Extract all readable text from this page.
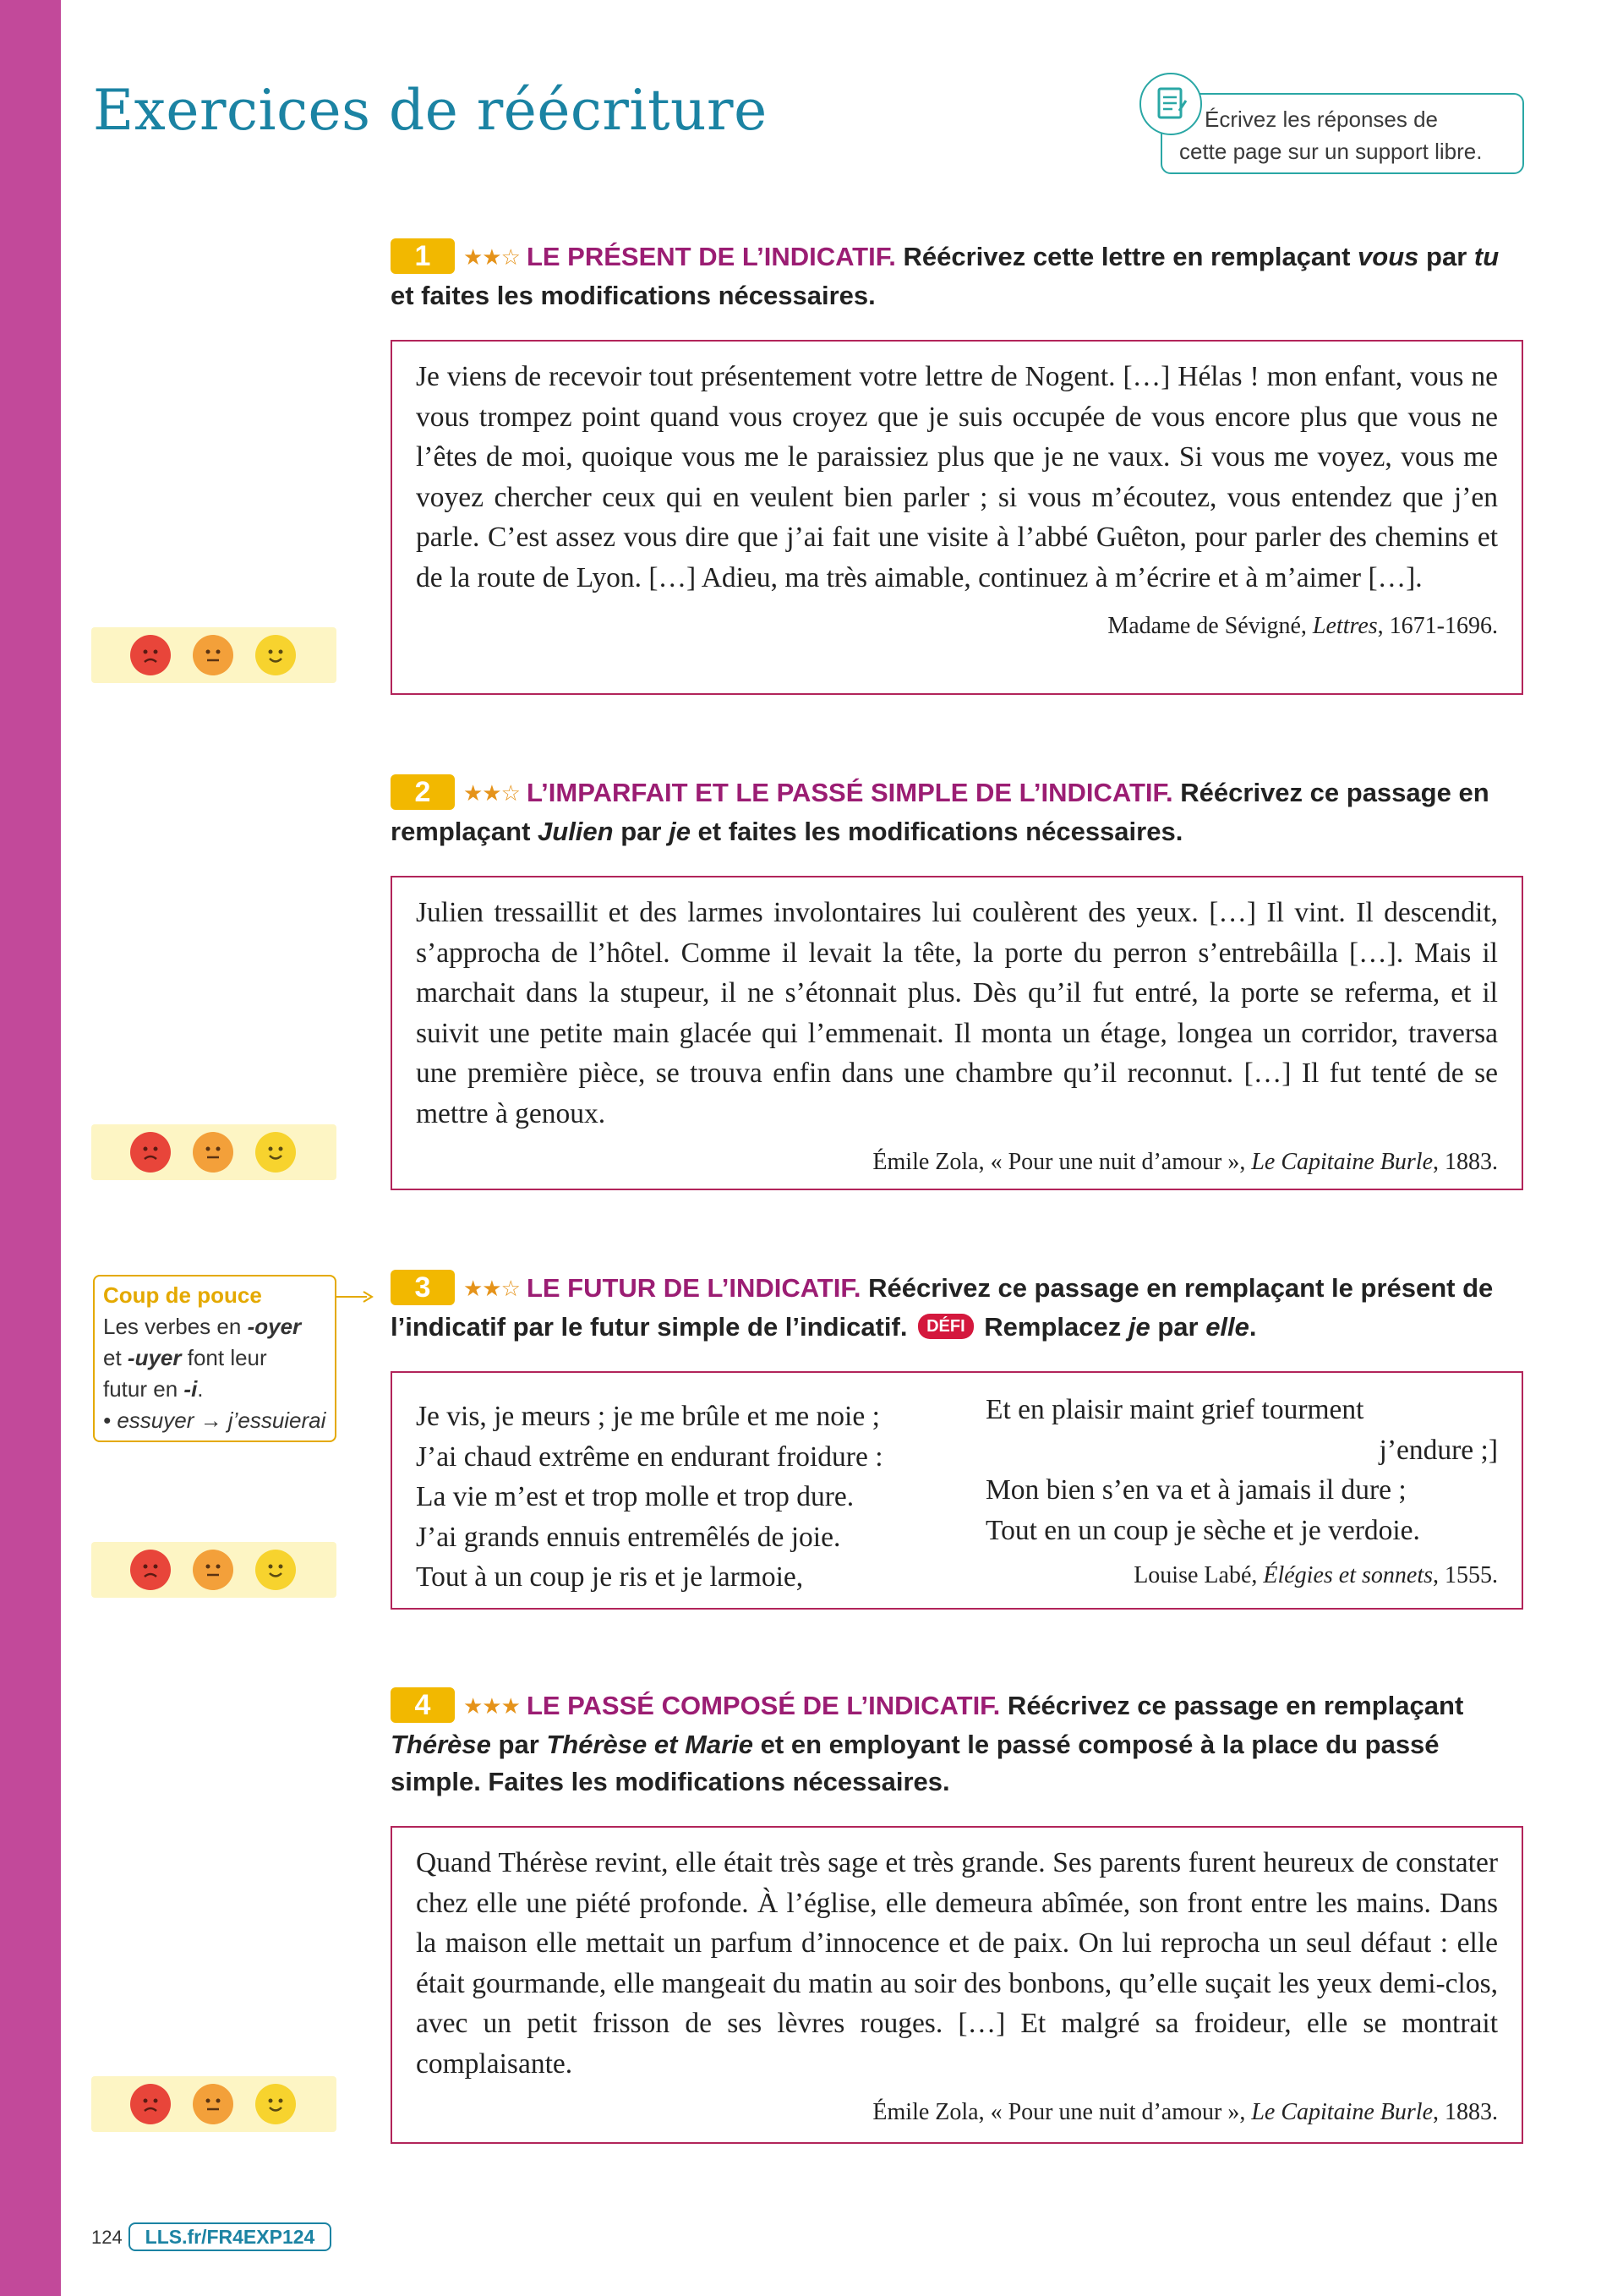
Exercices de réécriture	Écrivez les réponses de
cette page sur un support libre.
1 ★★☆ LE PRÉSENT DE L’INDICATIF. Réécrivez cette lettre en remplaçant vous par tu et faites les modifications nécessaires.

Je viens de recevoir tout présentement votre lettre de Nogent. […] Hélas ! mon enfant, vous ne vous trompez point quand vous croyez que je suis occupée de vous encore plus que vous ne l’êtes de moi, quoique vous me le paraissiez plus que je ne vaux. Si vous me voyez, vous me voyez chercher ceux qui en veulent bien parler ; si vous m’écoutez, vous entendez que j’en parle. C’est assez vous dire que j’ai fait une visite à l’abbé Guêton, pour parler des chemins et de la route de Lyon. […] Adieu, ma très aimable, continuez à m’écrire et à m’aimer […].

Madame de Sévigné, Lettres, 1671-1696.

2 ★★☆ L’IMPARFAIT ET LE PASSÉ SIMPLE DE L’INDICATIF. Réécrivez ce passage en remplaçant Julien par je et faites les modifications nécessaires.

Julien tressaillit et des larmes involontaires lui coulèrent des yeux. […] Il vint. Il descendit, s’approcha de l’hôtel. Comme il levait la tête, la porte du perron s’entrebâilla […]. Mais il marchait dans la stupeur, il ne s’étonnait plus. Dès qu’il fut entré, la porte se referma, et il suivit une petite main glacée qui l’emmenait. Il monta un étage, longea un corridor, traversa une première pièce, se trouva enfin dans une chambre qu’il reconnut. […] Il fut tenté de se mettre à genoux.

Émile Zola, « Pour une nuit d’amour », Le Capitaine Burle, 1883.

Coup de pouce
Les verbes en -oyer
et -uyer font leur
futur en -i.
• essuyer → j’essuierai
3 ★★☆ LE FUTUR DE L’INDICATIF. Réécrivez ce passage en remplaçant le présent de l’indicatif par le futur simple de l’indicatif. DÉFI Remplacez je par elle.

Je vis, je meurs ; je me brûle et me noie ;

J’ai chaud extrême en endurant froidure :

La vie m’est et trop molle et trop dure.

J’ai grands ennuis entremêlés de joie.

Tout à un coup je ris et je larmoie,

Et en plaisir maint grief tourment

j’endure ;]

Mon bien s’en va et à jamais il dure ;

Tout en un coup je sèche et je verdoie.

Louise Labé, Élégies et sonnets, 1555.

4 ★★★ LE PASSÉ COMPOSÉ DE L’INDICATIF. Réécrivez ce passage en remplaçant Thérèse par Thérèse et Marie et en employant le passé composé à la place du passé simple. Faites les modifications nécessaires.

Quand Thérèse revint, elle était très sage et très grande. Ses parents furent heureux de constater chez elle une piété profonde. À l’église, elle demeura abîmée, son front entre les mains. Dans la maison elle mettait un parfum d’innocence et de paix. On lui reprocha un seul défaut : elle était gourmande, elle mangeait du matin au soir des bonbons, qu’elle suçait les yeux demi-clos, avec un petit frisson de ses lèvres rouges. […] Et malgré sa froideur, elle se montrait complaisante.

Émile Zola, « Pour une nuit d’amour », Le Capitaine Burle, 1883.

124	LLS.fr/FR4EXP124
